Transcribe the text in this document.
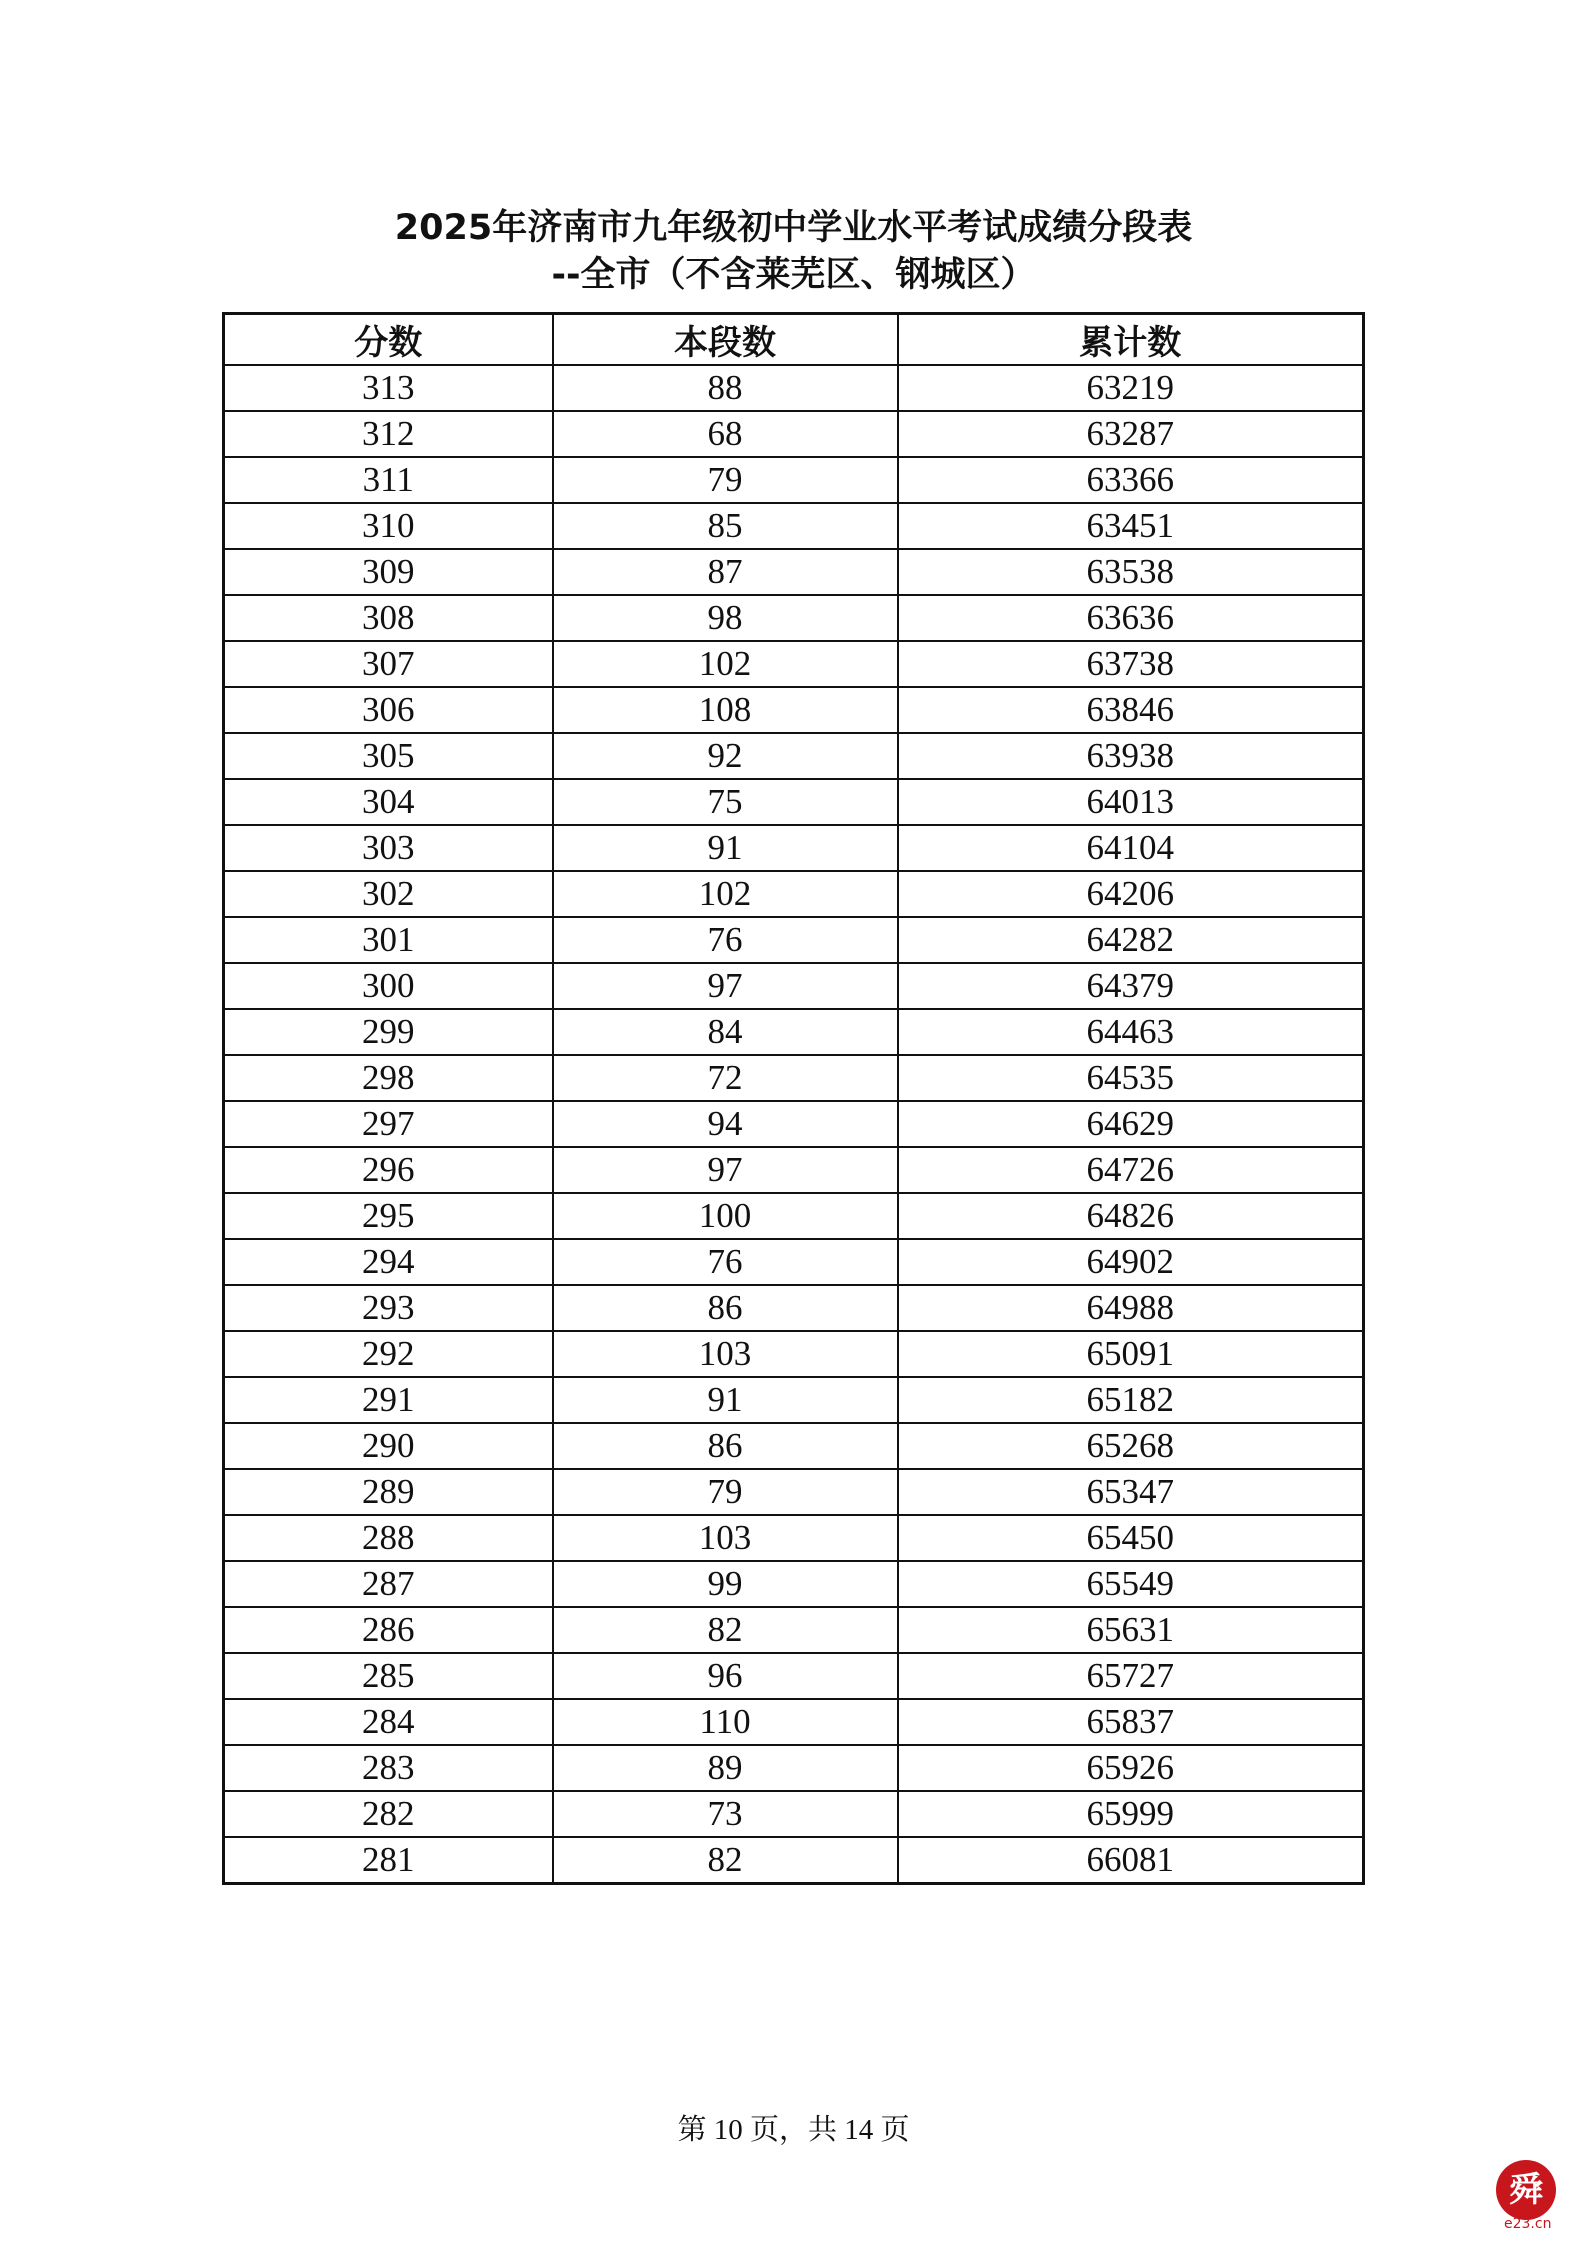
2025年济南市九年级初中学业水平考试成绩分段表
--全市（不含莱芜区、钢城区）
分数	本段数	累计数
313	88	63219
312	68	63287
311	79	63366
310	85	63451
309	87	63538
308	98	63636
307	102	63738
306	108	63846
305	92	63938
304	75	64013
303	91	64104
302	102	64206
301	76	64282
300	97	64379
299	84	64463
298	72	64535
297	94	64629
296	97	64726
295	100	64826
294	76	64902
293	86	64988
292	103	65091
291	91	65182
290	86	65268
289	79	65347
288	103	65450
287	99	65549
286	82	65631
285	96	65727
284	110	65837
283	89	65926
282	73	65999
281	82	66081
第 10 页，共 14 页
舜
e23.cn
